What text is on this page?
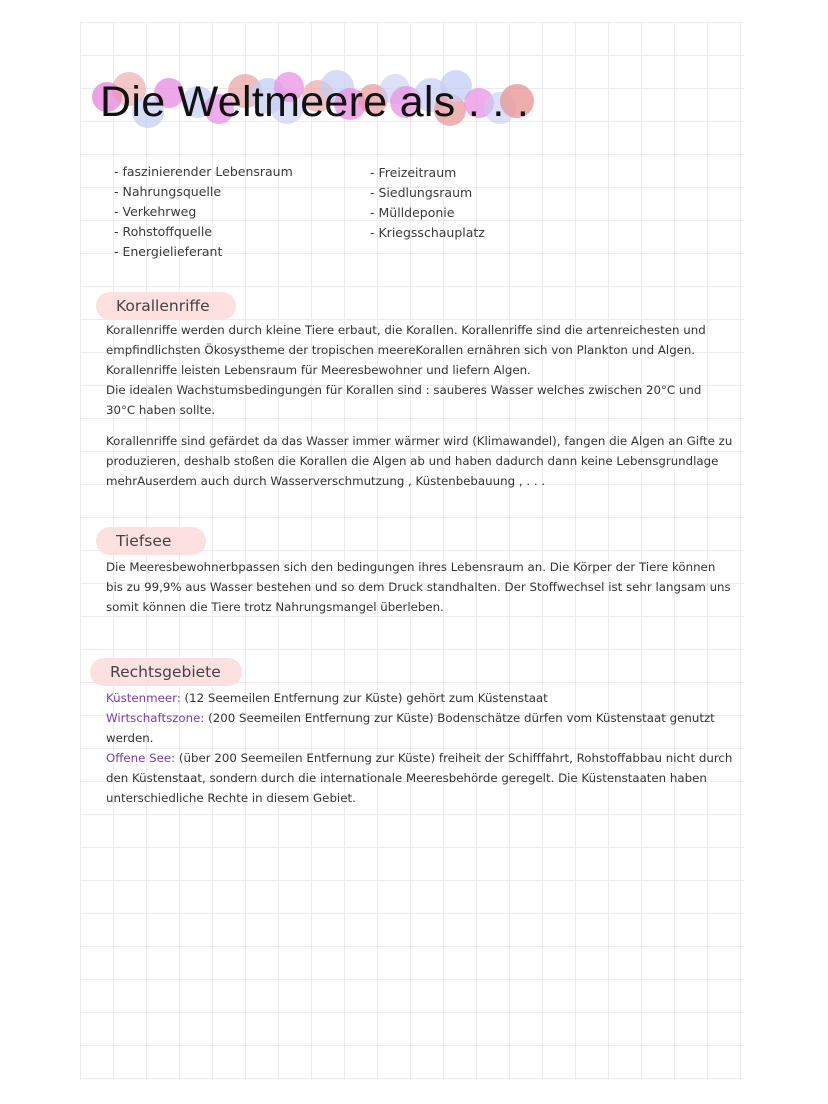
Die Weltmeere als . . .
- faszinierender Lebensraum
- Nahrungsquelle
- Verkehrweg
- Rohstoffquelle
- Energielieferant
- Freizeitraum
- Siedlungsraum
- Mülldeponie
- Kriegsschauplatz
Korallenriffe
Korallenriffe werden durch kleine Tiere erbaut, die Korallen. Korallenriffe sind die artenreichesten und empfindlichsten Ökosystheme der tropischen meereKorallen ernähren sich von Plankton und Algen. Korallenriffe leisten Lebensraum für Meeresbewohner und liefern Algen.
Die idealen Wachstumsbedingungen für Korallen sind : sauberes Wasser welches zwischen 20°C und 30°C haben sollte.
Korallenriffe sind gefärdet da das Wasser immer wärmer wird (Klimawandel), fangen die Algen an Gifte zu produzieren, deshalb stoßen die Korallen die Algen ab und haben dadurch dann keine Lebensgrundlage mehrAuserdem auch durch Wasserverschmutzung , Küstenbebauung , . . .
Tiefsee
Die Meeresbewohnerbpassen sich den bedingungen ihres Lebensraum an. Die Körper der Tiere können bis zu 99,9% aus Wasser bestehen und so dem Druck standhalten. Der Stoffwechsel ist sehr langsam uns somit können die Tiere trotz Nahrungsmangel überleben.
Rechtsgebiete
Küstenmeer: (12 Seemeilen Entfernung zur Küste) gehört zum Küstenstaat
Wirtschaftszone: (200 Seemeilen Entfernung zur Küste) Bodenschätze dürfen vom Küstenstaat genutzt werden.
Offene See: (über 200 Seemeilen Entfernung zur Küste) freiheit der Schifffahrt, Rohstoffabbau nicht durch den Küstenstaat, sondern durch die internationale Meeresbehörde geregelt. Die Küstenstaaten haben unterschiedliche Rechte in diesem Gebiet.
